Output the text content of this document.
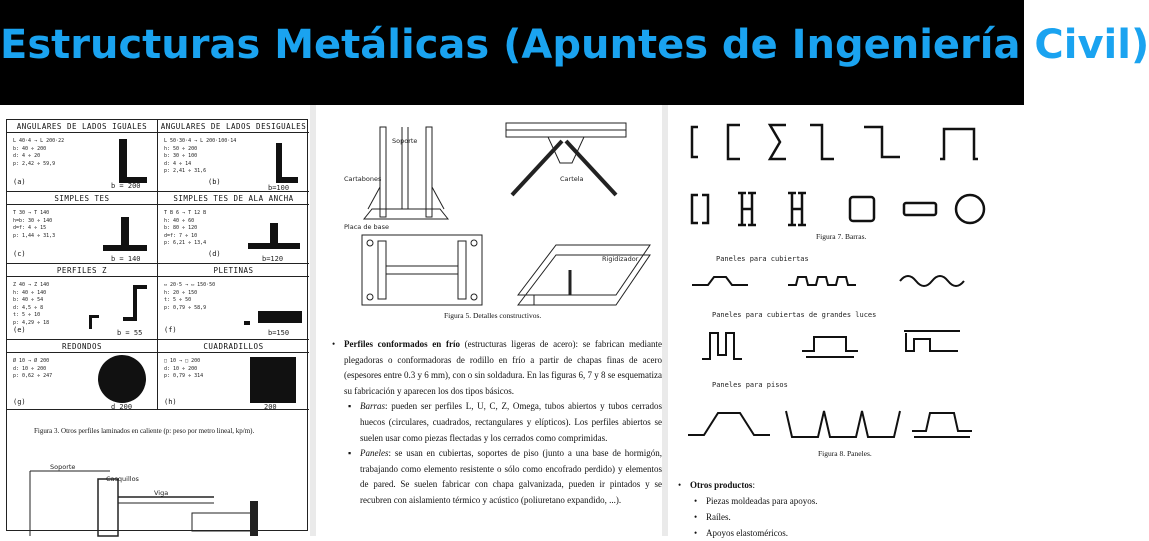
Estructuras Metálicas (Apuntes de Ingeniería Civil)
ANGULARES DE LADOS IGUALES
L 40·4 → L 200·22
b: 40 ÷ 200
d: 4 ÷ 20
p: 2,42 ÷ 59,9
b = 200
(a)
ANGULARES DE LADOS DESIGUALES
L 50·30·4 → L 200·100·14
h: 50 ÷ 200
b: 30 ÷ 100
d: 4 ÷ 14
p: 2,41 ÷ 31,6
b=100
(b)
SIMPLES TES
T 30 → T 140
h=b: 30 ÷ 140
d=f: 4 ÷ 15
p: 1,44 ÷ 31,3
b = 140
(c)
SIMPLES TES DE ALA ANCHA
T B 6 → T 12 B
h: 40 ÷ 60
b: 80 ÷ 120
d=f: 7 ÷ 10
p: 6,21 ÷ 13,4
b=120
(d)
PERFILES Z
Z 40 → Z 140
h: 40 ÷ 140
b: 40 ÷ 54
d: 4,5 ÷ 8
t: 5 ÷ 10
p: 4,29 ÷ 18
b = 55
(e)
PLETINAS
▭ 20·5 → ▭ 150·50
h: 20 ÷ 150
t: 5 ÷ 50
p: 0,79 ÷ 58,9
b=150
(f)
REDONDOS
Ø 10 → Ø 200
d: 10 ÷ 200
p: 0,62 ÷ 247
d 200
(g)
CUADRADILLOS
□ 10 → □ 200
d: 10 ÷ 200
p: 0,79 ÷ 314
200
(h)
Figura 3. Otros perfiles laminados en caliente (p: peso por metro lineal, kp/m).
Soporte
Casquillos
Viga
Soporte
Cartabones
Placa de base
Cartela
Rigidizador
Figura 5. Detalles constructivos.

• Perfiles conformados en frío (estructuras ligeras de acero): se fabrican mediante plegadoras o conformadoras de rodillo en frío a partir de chapas finas de acero (espesores entre 0.3 y 6 mm), con o sin soldadura. En las figuras 6, 7 y 8 se esquematiza su fabricación y aparecen los dos tipos básicos.

▪ Barras: pueden ser perfiles L, U, C, Z, Omega, tubos abiertos y tubos cerrados huecos (circulares, cuadrados, rectangulares y elípticos). Los perfiles abiertos se suelen usar como piezas flectadas y los cerrados como comprimidas.

▪ Paneles: se usan en cubiertas, soportes de piso (junto a una base de hormigón, trabajando como elemento resistente o sólo como encofrado perdido) y elementos de pared. Se suelen fabricar con chapa galvanizada, pueden ir pintados y se recubren con aislamiento térmico y acústico (poliuretano expandido, ...).

Paneles para cubiertas
Paneles para cubiertas de grandes luces
Paneles para pisos
Figura 7. Barras.
Figura 8. Paneles.
• Otros productos:
• Piezas moldeadas para apoyos.
• Raíles.
• Apoyos elastoméricos.
